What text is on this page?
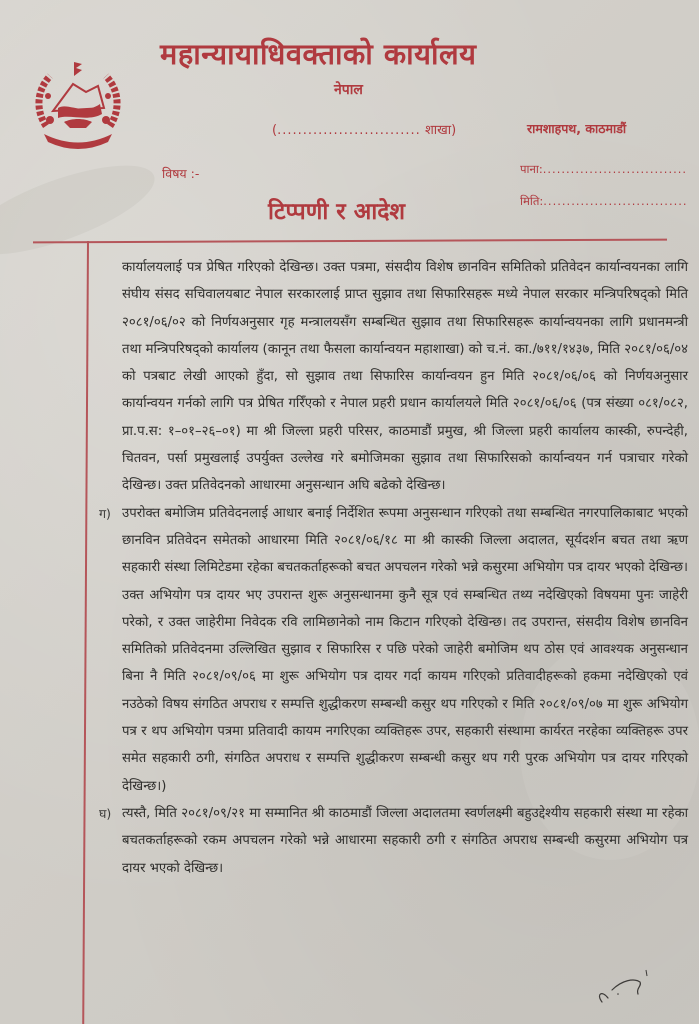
महान्यायाधिवक्ताको कार्यालय
नेपाल
(............................ शाखा)	रामशाहपथ, काठमाडौं
विषय :-	पाना:...............................
मिति:...............................
टिप्पणी र आदेश

कार्यालयलाई पत्र प्रेषित गरिएको देखिन्छ। उक्त पत्रमा, संसदीय विशेष छानविन समितिको प्रतिवेदन कार्यान्वयनका लागि संघीय संसद सचिवालयबाट नेपाल सरकारलाई प्राप्त सुझाव तथा सिफारिसहरू मध्ये नेपाल सरकार मन्त्रिपरिषद्को मिति २०८१/०६/०२ को निर्णयअनुसार गृह मन्त्रालयसँग सम्बन्धित सुझाव तथा सिफारिसहरू कार्यान्वयनका लागि प्रधानमन्त्री तथा मन्त्रिपरिषद्को कार्यालय (कानून तथा फैसला कार्यान्वयन महाशाखा) को च.नं. का./७११/१४३७, मिति २०८१/०६/०४ को पत्रबाट लेखी आएको हुँदा, सो सुझाव तथा सिफारिस कार्यान्वयन हुन मिति २०८१/०६/०६ को निर्णयअनुसार कार्यान्वयन गर्नको लागि पत्र प्रेषित गरिँएको र नेपाल प्रहरी प्रधान कार्यालयले मिति २०८१/०६/०६ (पत्र संख्या ०८१/०८२, प्रा.प.स: १–०१–२६–०१) मा श्री जिल्ला प्रहरी परिसर, काठमाडौं प्रमुख, श्री जिल्ला प्रहरी कार्यालय कास्की, रुपन्देही, चितवन, पर्सा प्रमुखलाई उपर्युक्त उल्लेख गरे बमोजिमका सुझाव तथा सिफारिसको कार्यान्वयन गर्न पत्राचार गरेको देखिन्छ। उक्त प्रतिवेदनको आधारमा अनुसन्धान अघि बढेको देखिन्छ।

ग) उपरोक्त बमोजिम प्रतिवेदनलाई आधार बनाई निर्देशित रूपमा अनुसन्धान गरिएको तथा सम्बन्धित नगरपालिकाबाट भएको छानविन प्रतिवेदन समेतको आधारमा मिति २०८१/०६/१८ मा श्री कास्की जिल्ला अदालत, सूर्यदर्शन बचत तथा ऋण सहकारी संस्था लिमिटेडमा रहेका बचतकर्ताहरूको बचत अपचलन गरेको भन्ने कसुरमा अभियोग पत्र दायर भएको देखिन्छ। उक्त अभियोग पत्र दायर भए उपरान्त शुरू अनुसन्धानमा कुनै सूत्र एवं सम्बन्धित तथ्य नदेखिएको विषयमा पुनः जाहेरी परेको, र उक्त जाहेरीमा निवेदक रवि लामिछानेको नाम किटान गरिएको देखिन्छ। तद उपरान्त, संसदीय विशेष छानविन समितिको प्रतिवेदनमा उल्लिखित सुझाव र सिफारिस र पछि परेको जाहेरी बमोजिम थप ठोस एवं आवश्यक अनुसन्धान बिना नै मिति २०८१/०९/०६ मा शुरू अभियोग पत्र दायर गर्दा कायम गरिएको प्रतिवादीहरूको हकमा नदेखिएको एवं नउठेको विषय संगठित अपराध र सम्पत्ति शुद्धीकरण सम्बन्धी कसुर थप गरिएको र मिति २०८१/०९/०७ मा शुरू अभियोग पत्र र थप अभियोग पत्रमा प्रतिवादी कायम नगरिएका व्यक्तिहरू उपर, सहकारी संस्थामा कार्यरत नरहेका व्यक्तिहरू उपर समेत सहकारी ठगी, संगठित अपराध र सम्पत्ति शुद्धीकरण सम्बन्धी कसुर थप गरी पुरक अभियोग पत्र दायर गरिएको देखिन्छ।)

घ) त्यस्तै, मिति २०८१/०९/२१ मा सम्मानित श्री काठमाडौं जिल्ला अदालतमा स्वर्णलक्ष्मी बहुउद्देश्यीय सहकारी संस्था मा रहेका बचतकर्ताहरूको रकम अपचलन गरेको भन्ने आधारमा सहकारी ठगी र संगठित अपराध सम्बन्धी कसुरमा अभियोग पत्र दायर भएको देखिन्छ।
